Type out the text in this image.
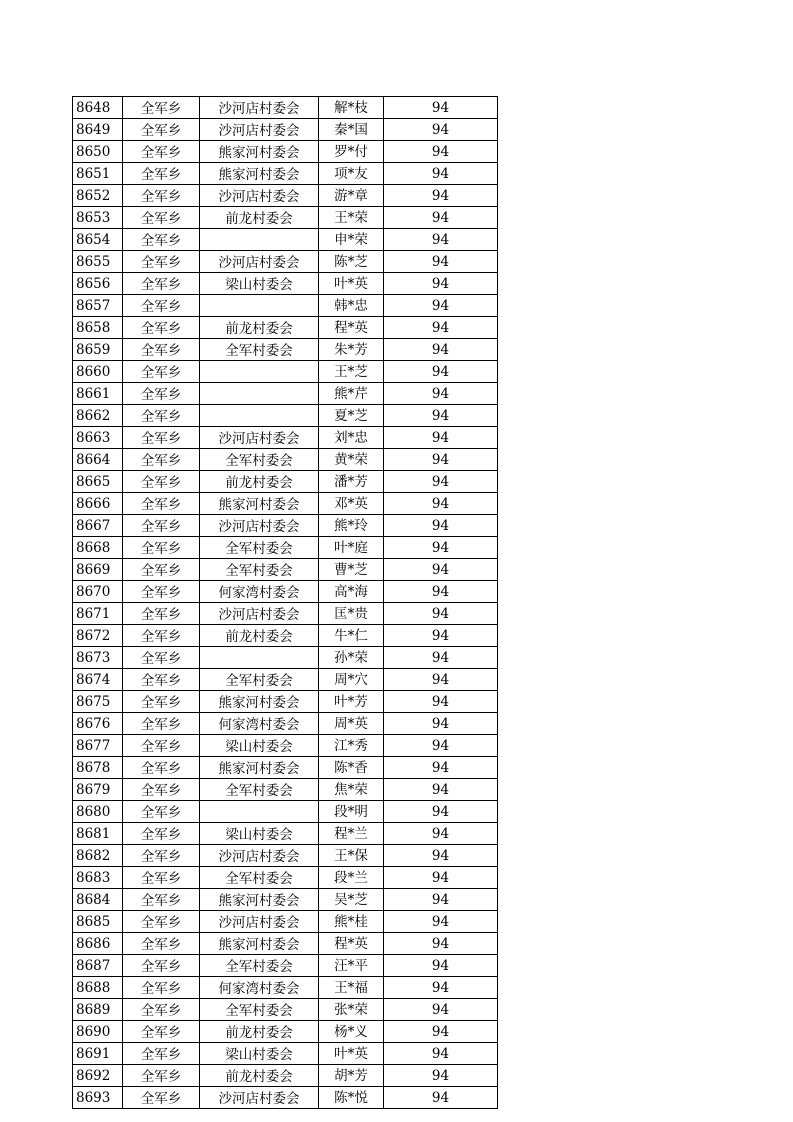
8648	全军乡	沙河店村委会	解*枝	94
8649	全军乡	沙河店村委会	秦*国	94
8650	全军乡	熊家河村委会	罗*付	94
8651	全军乡	熊家河村委会	项*友	94
8652	全军乡	沙河店村委会	游*章	94
8653	全军乡	前龙村委会	王*荣	94
8654	全军乡		申*荣	94
8655	全军乡	沙河店村委会	陈*芝	94
8656	全军乡	梁山村委会	叶*英	94
8657	全军乡		韩*忠	94
8658	全军乡	前龙村委会	程*英	94
8659	全军乡	全军村委会	朱*芳	94
8660	全军乡		王*芝	94
8661	全军乡		熊*芹	94
8662	全军乡		夏*芝	94
8663	全军乡	沙河店村委会	刘*忠	94
8664	全军乡	全军村委会	黄*荣	94
8665	全军乡	前龙村委会	潘*芳	94
8666	全军乡	熊家河村委会	邓*英	94
8667	全军乡	沙河店村委会	熊*玲	94
8668	全军乡	全军村委会	叶*庭	94
8669	全军乡	全军村委会	曹*芝	94
8670	全军乡	何家湾村委会	高*海	94
8671	全军乡	沙河店村委会	匡*贵	94
8672	全军乡	前龙村委会	牛*仁	94
8673	全军乡		孙*荣	94
8674	全军乡	全军村委会	周*穴	94
8675	全军乡	熊家河村委会	叶*芳	94
8676	全军乡	何家湾村委会	周*英	94
8677	全军乡	梁山村委会	江*秀	94
8678	全军乡	熊家河村委会	陈*香	94
8679	全军乡	全军村委会	焦*荣	94
8680	全军乡		段*明	94
8681	全军乡	梁山村委会	程*兰	94
8682	全军乡	沙河店村委会	王*保	94
8683	全军乡	全军村委会	段*兰	94
8684	全军乡	熊家河村委会	吴*芝	94
8685	全军乡	沙河店村委会	熊*桂	94
8686	全军乡	熊家河村委会	程*英	94
8687	全军乡	全军村委会	汪*平	94
8688	全军乡	何家湾村委会	王*福	94
8689	全军乡	全军村委会	张*荣	94
8690	全军乡	前龙村委会	杨*义	94
8691	全军乡	梁山村委会	叶*英	94
8692	全军乡	前龙村委会	胡*芳	94
8693	全军乡	沙河店村委会	陈*悦	94
